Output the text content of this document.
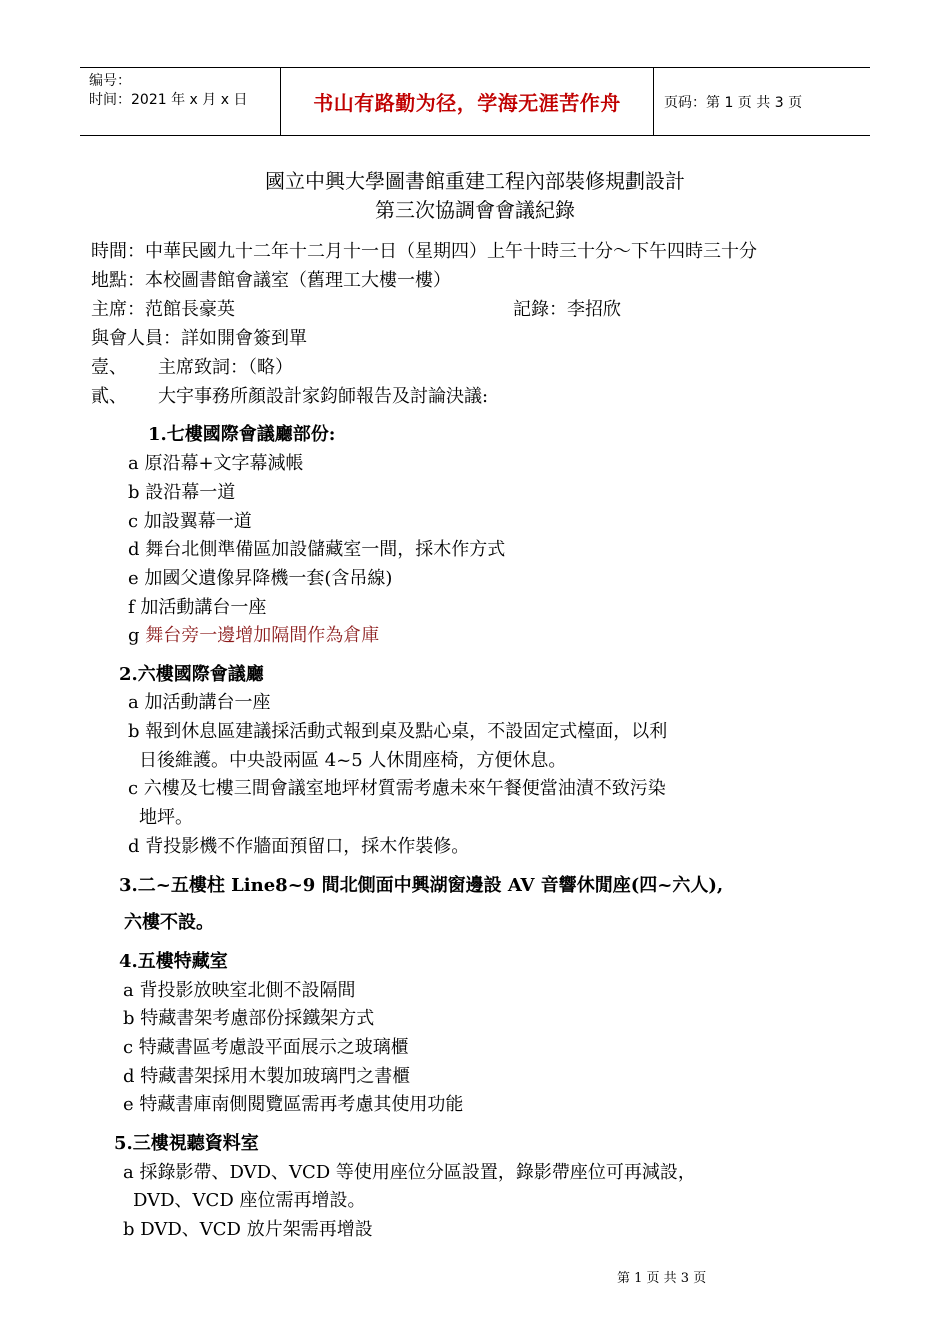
编号：
时间：2021 年 x 月 x 日	书山有路勤为径，学海无涯苦作舟	页码：第 1 页 共 3 页
國立中興大學圖書館重建工程內部裝修規劃設計
第三次協調會會議紀錄
時間：中華民國九十二年十二月十一日（星期四）上午十時三十分～下午四時三十分
地點：本校圖書館會議室（舊理工大樓一樓）
主席：范館長豪英	記錄：李招欣
與會人員：詳如開會簽到單
壹、 主席致詞：（略）
貳、 大宇事務所顏設計家鈞師報告及討論決議:
1.七樓國際會議廳部份:
a 原沿幕+文字幕減帳
b 設沿幕一道
c 加設翼幕一道
d 舞台北側準備區加設儲藏室一間，採木作方式
e 加國父遺像昇降機一套(含吊線)
f 加活動講台一座
g 舞台旁一邊增加隔間作為倉庫
2.六樓國際會議廳
a 加活動講台一座
b 報到休息區建議採活動式報到桌及點心桌，不設固定式檯面，以利
日後維護。中央設兩區 4~5 人休閒座椅，方便休息。
c 六樓及七樓三間會議室地坪材質需考慮未來午餐便當油漬不致污染
地坪。
d 背投影機不作牆面預留口，採木作裝修。
3.二~五樓柱 Line8~9 間北側面中興湖窗邊設 AV 音響休閒座(四~六人),
六樓不設。
4.五樓特藏室
a 背投影放映室北側不設隔間
b 特藏書架考慮部份採鐵架方式
c 特藏書區考慮設平面展示之玻璃櫃
d 特藏書架採用木製加玻璃門之書櫃
e 特藏書庫南側閱覽區需再考慮其使用功能
5.三樓視聽資料室
a 採錄影帶、DVD、VCD 等使用座位分區設置，錄影帶座位可再減設，
DVD、VCD 座位需再增設。
b DVD、VCD 放片架需再增設
第 1 页 共 3 页
